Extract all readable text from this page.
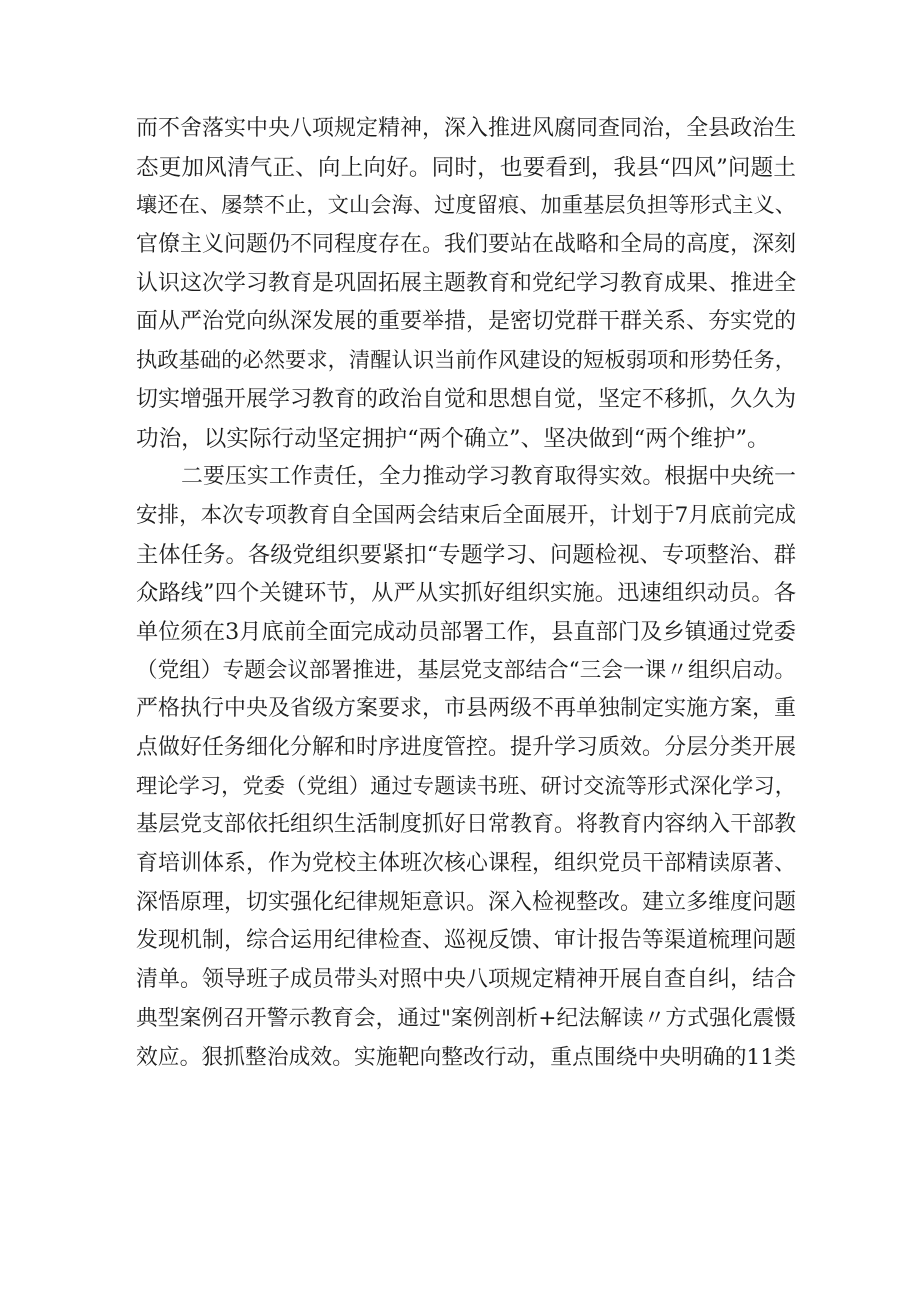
而不舍落实中央八项规定精神，深入推进风腐同查同治，全县政治生

态更加风清气正、向上向好。同时，也要看到，我县“四风”问题土

壤还在、屡禁不止，文山会海、过度留痕、加重基层负担等形式主义、

官僚主义问题仍不同程度存在。我们要站在战略和全局的高度，深刻

认识这次学习教育是巩固拓展主题教育和党纪学习教育成果、推进全

面从严治党向纵深发展的重要举措，是密切党群干群关系、夯实党的

执政基础的必然要求，清醒认识当前作风建设的短板弱项和形势任务，

切实增强开展学习教育的政治自觉和思想自觉，坚定不移抓，久久为

功治，以实际行动坚定拥护“两个确立”、坚决做到“两个维护”。

二要压实工作责任，全力推动学习教育取得实效。根据中央统一

安排，本次专项教育自全国两会结束后全面展开，计划于7月底前完成

主体任务。各级党组织要紧扣“专题学习、问题检视、专项整治、群

众路线”四个关键环节，从严从实抓好组织实施。迅速组织动员。各

单位须在3月底前全面完成动员部署工作，县直部门及乡镇通过党委

（党组）专题会议部署推进，基层党支部结合“三会一课〃组织启动。

严格执行中央及省级方案要求，市县两级不再单独制定实施方案，重

点做好任务细化分解和时序进度管控。提升学习质效。分层分类开展

理论学习，党委（党组）通过专题读书班、研讨交流等形式深化学习，

基层党支部依托组织生活制度抓好日常教育。将教育内容纳入干部教

育培训体系，作为党校主体班次核心课程，组织党员干部精读原著、

深悟原理，切实强化纪律规矩意识。深入检视整改。建立多维度问题

发现机制，综合运用纪律检查、巡视反馈、审计报告等渠道梳理问题

清单。领导班子成员带头对照中央八项规定精神开展自查自纠，结合

典型案例召开警示教育会，通过"案例剖析+纪法解读〃方式强化震慑

效应。狠抓整治成效。实施靶向整改行动，重点围绕中央明确的11类
